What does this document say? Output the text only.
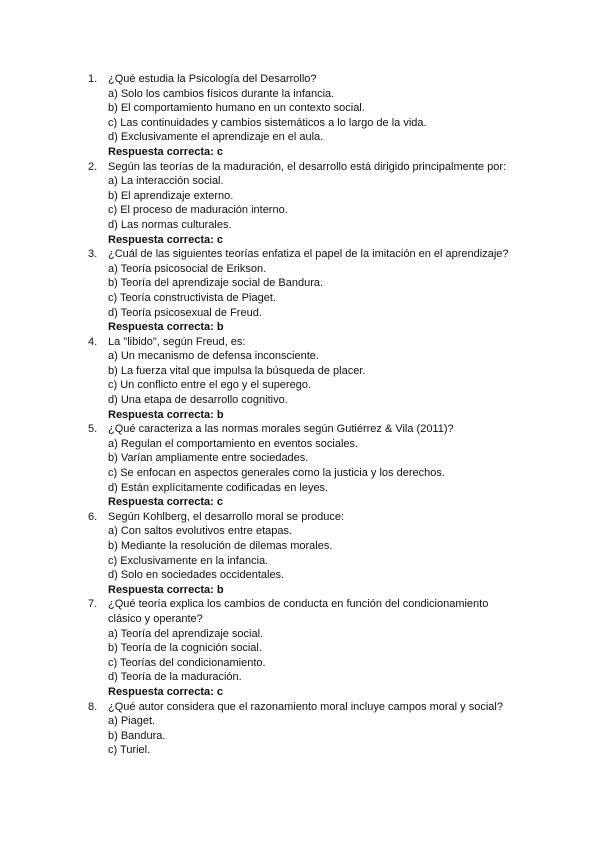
1. ¿Qué estudia la Psicología del Desarrollo?
a) Solo los cambios físicos durante la infancia.
b) El comportamiento humano en un contexto social.
c) Las continuidades y cambios sistemáticos a lo largo de la vida.
d) Exclusivamente el aprendizaje en el aula.
Respuesta correcta: c
2. Según las teorías de la maduración, el desarrollo está dirigido principalmente por:
a) La interacción social.
b) El aprendizaje externo.
c) El proceso de maduración interno.
d) Las normas culturales.
Respuesta correcta: c
3. ¿Cuál de las siguientes teorías enfatiza el papel de la imitación en el aprendizaje?
a) Teoría psicosocial de Erikson.
b) Teoría del aprendizaje social de Bandura.
c) Teoría constructivista de Piaget.
d) Teoría psicosexual de Freud.
Respuesta correcta: b
4. La "libido", según Freud, es:
a) Un mecanismo de defensa inconsciente.
b) La fuerza vital que impulsa la búsqueda de placer.
c) Un conflicto entre el ego y el superego.
d) Una etapa de desarrollo cognitivo.
Respuesta correcta: b
5. ¿Qué caracteriza a las normas morales según Gutiérrez & Vila (2011)?
a) Regulan el comportamiento en eventos sociales.
b) Varían ampliamente entre sociedades.
c) Se enfocan en aspectos generales como la justicia y los derechos.
d) Están explícitamente codificadas en leyes.
Respuesta correcta: c
6. Según Kohlberg, el desarrollo moral se produce:
a) Con saltos evolutivos entre etapas.
b) Mediante la resolución de dilemas morales.
c) Exclusivamente en la infancia.
d) Solo en sociedades occidentales.
Respuesta correcta: b
7. ¿Qué teoría explica los cambios de conducta en función del condicionamiento clásico y operante?
a) Teoría del aprendizaje social.
b) Teoría de la cognición social.
c) Teorías del condicionamiento.
d) Teoría de la maduración.
Respuesta correcta: c
8. ¿Qué autor considera que el razonamiento moral incluye campos moral y social?
a) Piaget.
b) Bandura.
c) Turiel.
